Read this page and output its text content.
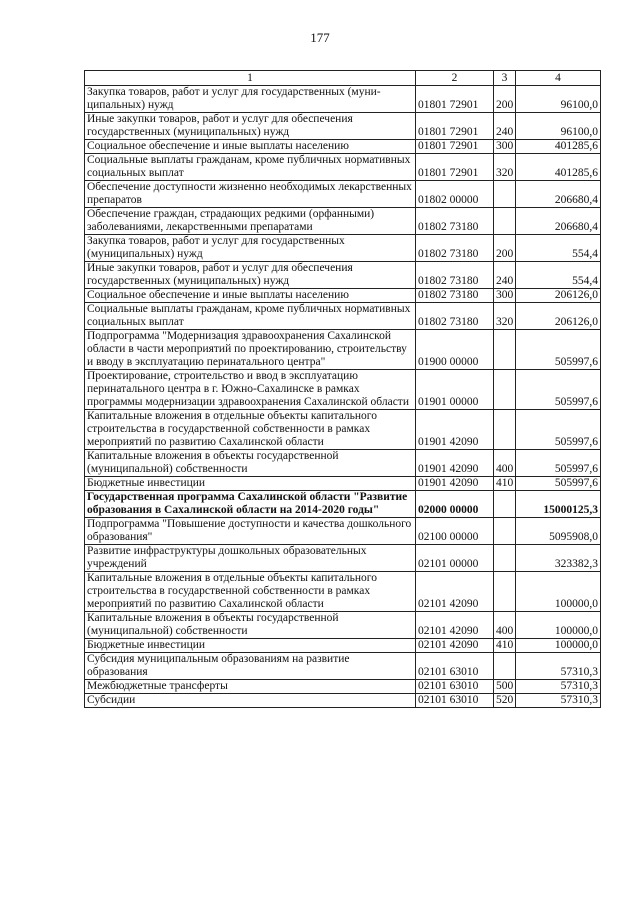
177
1	2	3	4
Закупка товаров, работ и услуг для государственных (муни-ципальных) нужд	01801 72901	200	96100,0
Иные закупки товаров, работ и услуг для обеспечения государственных (муниципальных) нужд	01801 72901	240	96100,0
Социальное обеспечение и иные выплаты населению	01801 72901	300	401285,6
Социальные выплаты гражданам, кроме публичных нормативных социальных выплат	01801 72901	320	401285,6
Обеспечение доступности жизненно необходимых лекарственных препаратов	01802 00000		206680,4
Обеспечение граждан, страдающих редкими (орфанными) заболеваниями, лекарственными препаратами	01802 73180		206680,4
Закупка товаров, работ и услуг для государственных (муниципальных) нужд	01802 73180	200	554,4
Иные закупки товаров, работ и услуг для обеспечения государственных (муниципальных) нужд	01802 73180	240	554,4
Социальное обеспечение и иные выплаты населению	01802 73180	300	206126,0
Социальные выплаты гражданам, кроме публичных нормативных социальных выплат	01802 73180	320	206126,0
Подпрограмма "Модернизация здравоохранения Сахалинской области в части мероприятий по проектированию, строительству и вводу в эксплуатацию перинатального центра"	01900 00000		505997,6
Проектирование, строительство и ввод в эксплуатацию перинатального центра в г. Южно-Сахалинске в рамках программы модернизации здравоохранения Сахалинской области	01901 00000		505997,6
Капитальные вложения в отдельные объекты капитального строительства в государственной собственности в рамках мероприятий по развитию Сахалинской области	01901 42090		505997,6
Капитальные вложения в объекты государственной (муниципальной) собственности	01901 42090	400	505997,6
Бюджетные инвестиции	01901 42090	410	505997,6
Государственная программа Сахалинской области "Развитие образования в Сахалинской области на 2014-2020 годы"	02000 00000		15000125,3
Подпрограмма "Повышение доступности и качества дошкольного образования"	02100 00000		5095908,0
Развитие инфраструктуры дошкольных образовательных учреждений	02101 00000		323382,3
Капитальные вложения в отдельные объекты капитального строительства в государственной собственности в рамках мероприятий по развитию Сахалинской области	02101 42090		100000,0
Капитальные вложения в объекты государственной (муниципальной) собственности	02101 42090	400	100000,0
Бюджетные инвестиции	02101 42090	410	100000,0
Субсидия муниципальным образованиям на развитие образования	02101 63010		57310,3
Межбюджетные трансферты	02101 63010	500	57310,3
Субсидии	02101 63010	520	57310,3
